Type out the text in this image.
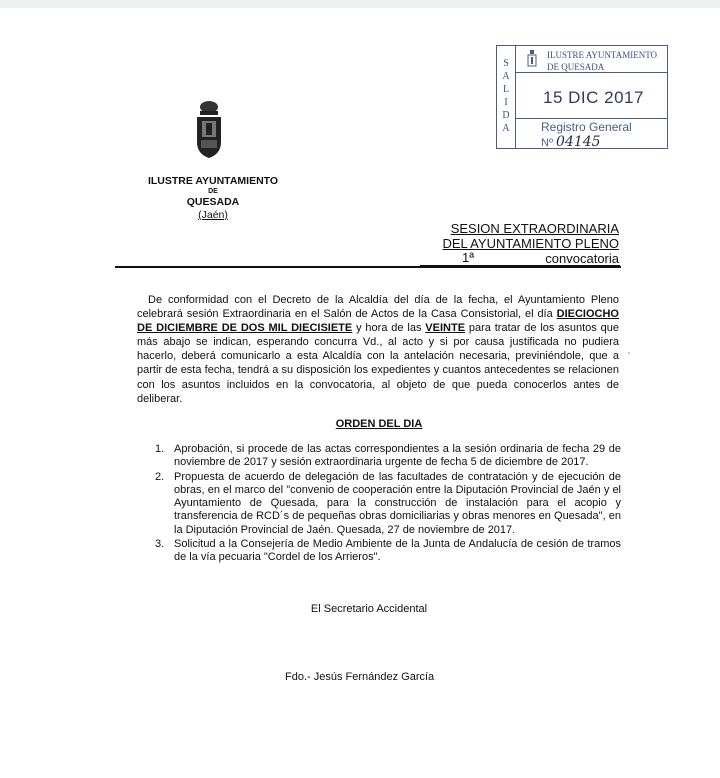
S
A
L
I
D
A
ILUSTRE AYUNTAMIENTO
DE QUESADA
15 DIC 2017
Registro General
Nº 04145
ILUSTRE AYUNTAMIENTO
DE
QUESADA
(Jaén)
SESION EXTRAORDINARIA
DEL AYUNTAMIENTO PLENO
1ª	convocatoria
De conformidad con el Decreto de la Alcaldía del día de la fecha, el Ayuntamiento Pleno celebrará sesión Extraordinaria en el Salón de Actos de la Casa Consistorial, el día DIECIOCHO DE DICIEMBRE DE DOS MIL DIECISIETE y hora de las VEINTE para tratar de los asuntos que más abajo se indican, esperando concurra Vd., al acto y si por causa justificada no pudiera hacerlo, deberá comunicarlo a esta Alcaldía con la antelación necesaria, previniéndole, que a partir de esta fecha, tendrá a su disposición los expedientes y cuantos antecedentes se relacionen con los asuntos incluidos en la convocatoria, al objeto de que pueda conocerlos antes de deliberar.
ORDEN DEL DIA
1. Aprobación, si procede de las actas correspondientes a la sesión ordinaria de fecha 29 de noviembre de 2017 y sesión extraordinaria urgente de fecha 5 de diciembre de 2017.
2. Propuesta de acuerdo de delegación de las facultades de contratación y de ejecución de obras, en el marco del "convenio de cooperación entre la Diputación Provincial de Jaén y el Ayuntamiento de Quesada, para la construcción de instalación para el acopio y transferencia de RCD´s de pequeñas obras domiciliarias y obras menores en Quesada", en la Diputación Provincial de Jaén. Quesada, 27 de noviembre de 2017.
3. Solicitud a la Consejería de Medio Ambiente de la Junta de Andalucía de cesión de tramos de la vía pecuaria "Cordel de los Arrieros".
El Secretario Accidental
Fdo.- Jesús Fernández García
